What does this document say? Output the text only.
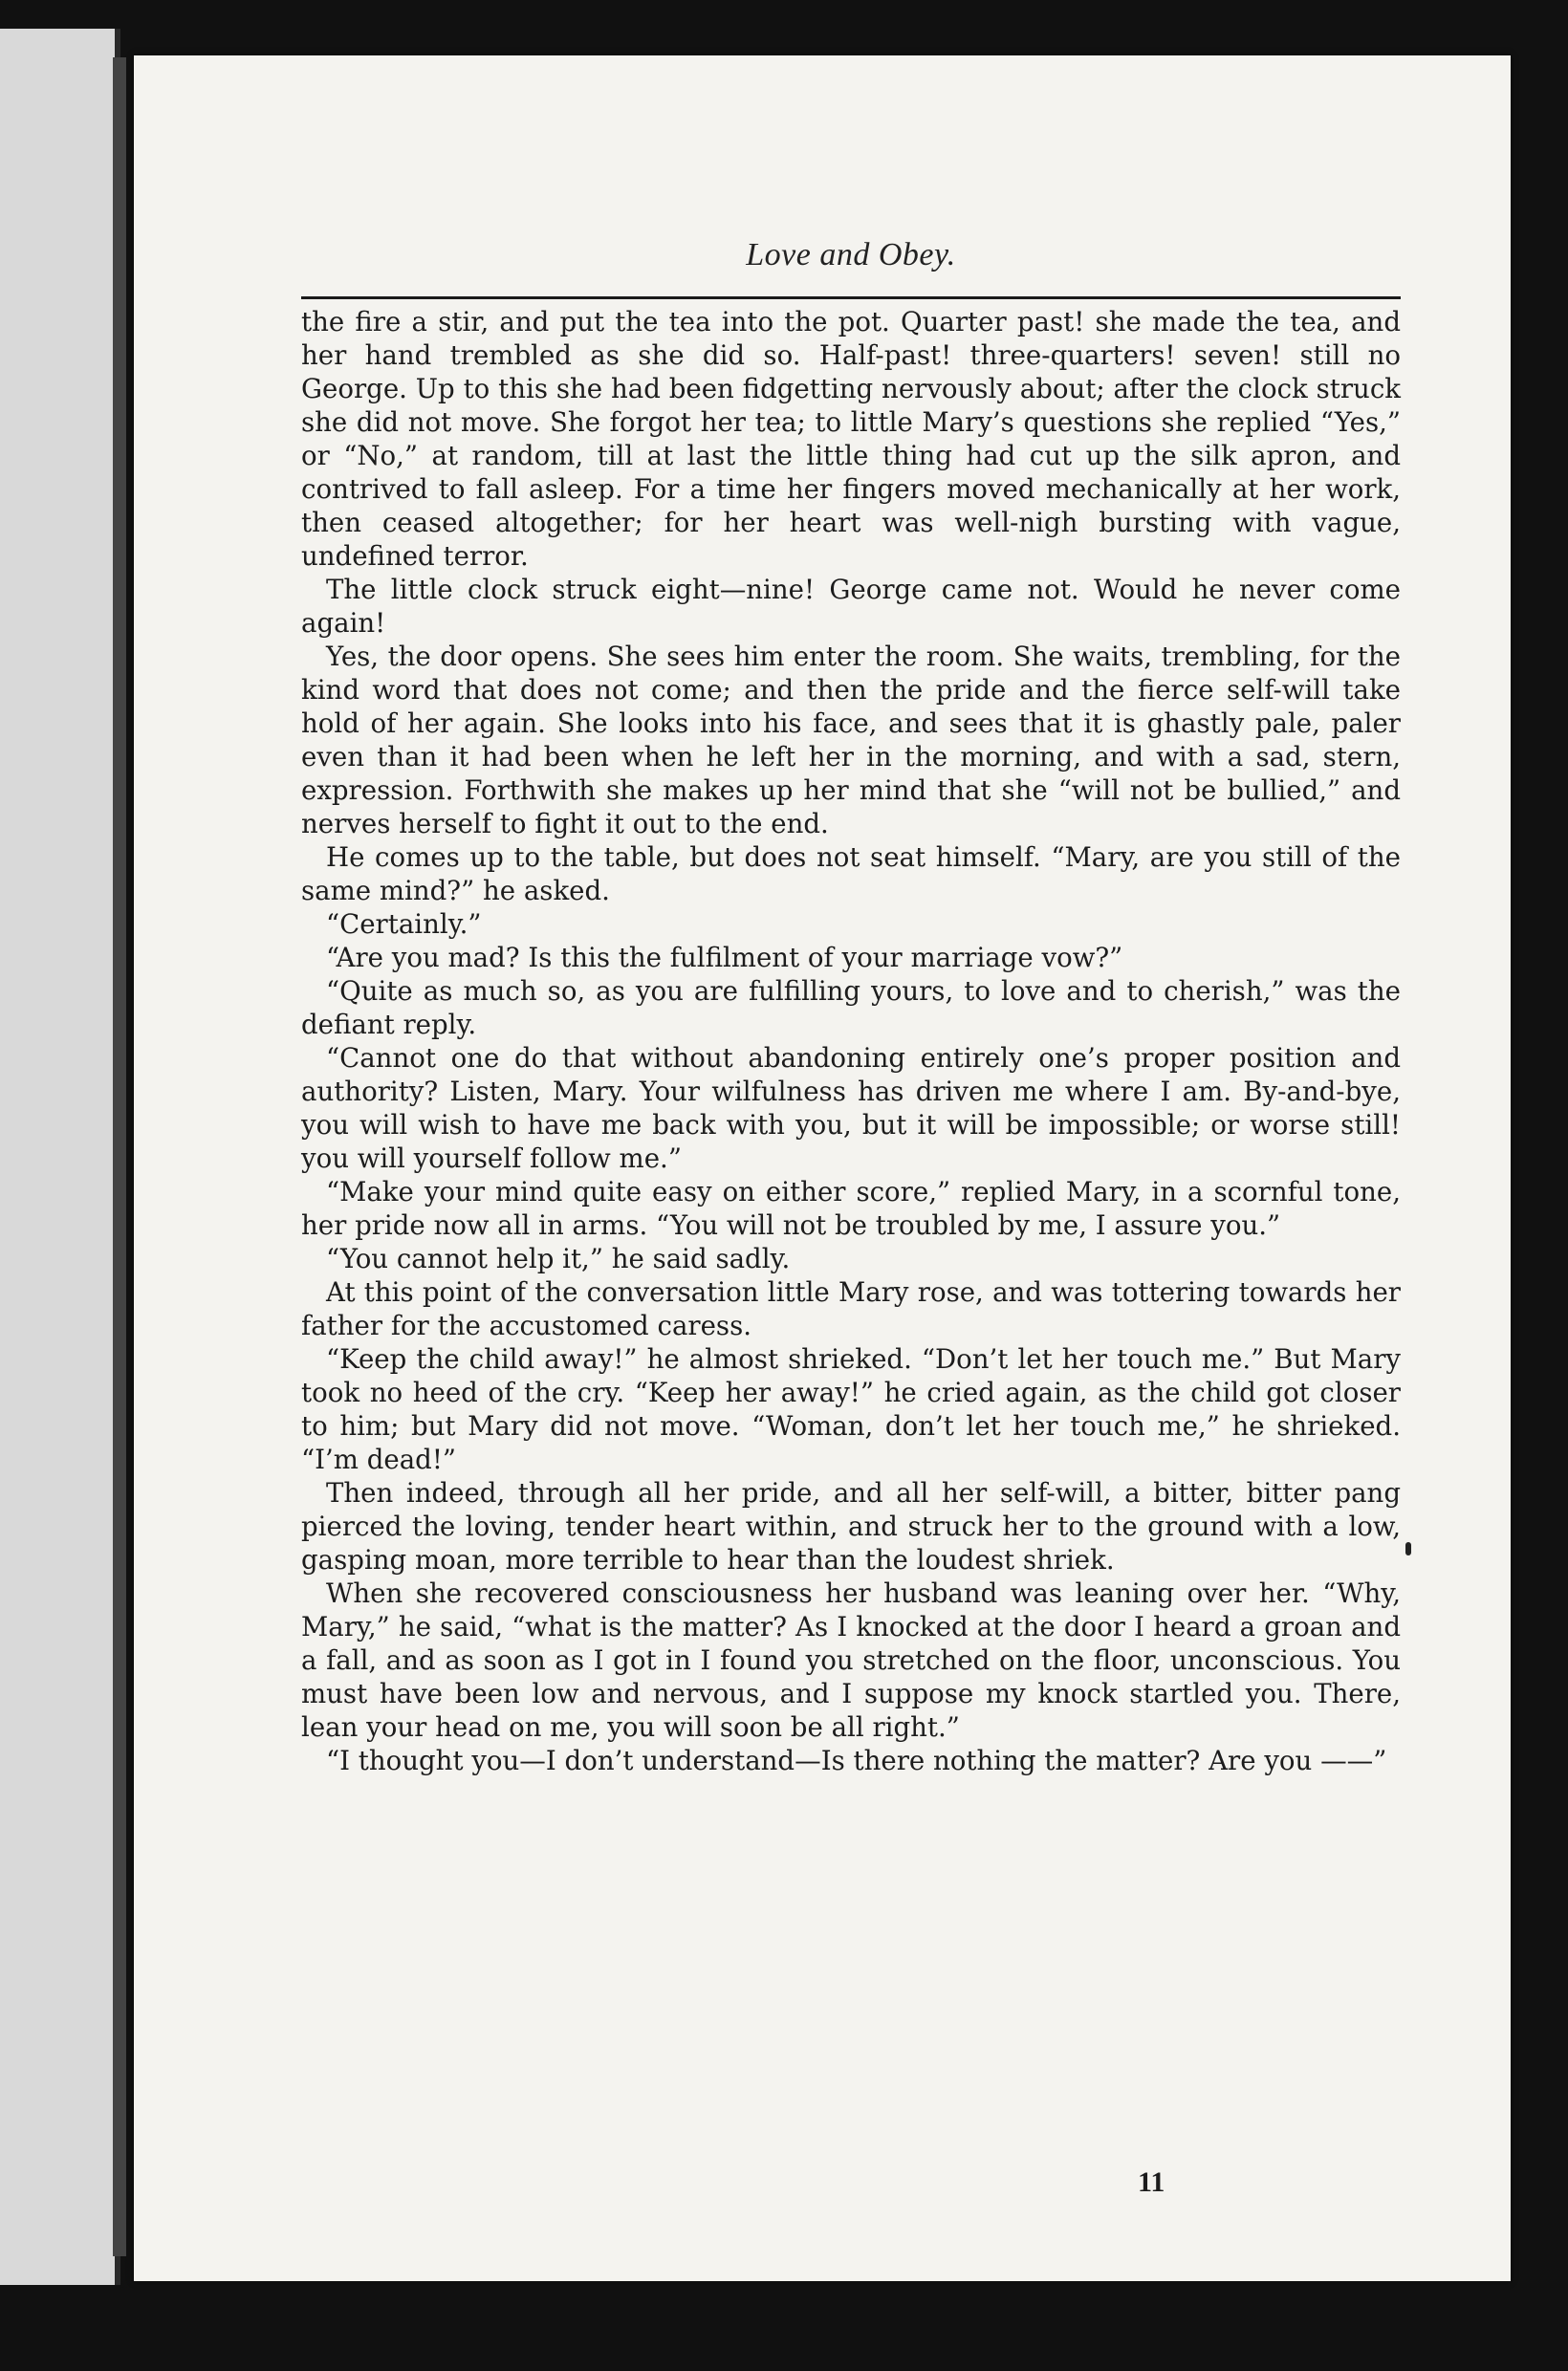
Love and Obey.

the fire a stir, and put the tea into the pot. Quarter past! she made the tea, and her hand trembled as she did so. Half-past! three-quarters! seven! still no George. Up to this she had been fidgetting nervously about; after the clock struck she did not move. She forgot her tea; to little Mary’s questions she replied “Yes,” or “No,” at random, till at last the little thing had cut up the silk apron, and contrived to fall asleep. For a time her fingers moved mechanically at her work, then ceased altogether; for her heart was well-nigh bursting with vague, undefined terror.

The little clock struck eight—nine! George came not. Would he never come again!

Yes, the door opens. She sees him enter the room. She waits, trembling, for the kind word that does not come; and then the pride and the fierce self-will take hold of her again. She looks into his face, and sees that it is ghastly pale, paler even than it had been when he left her in the morning, and with a sad, stern, expression. Forthwith she makes up her mind that she “will not be bullied,” and nerves herself to fight it out to the end.

He comes up to the table, but does not seat himself. “Mary, are you still of the same mind?” he asked.

“Certainly.”

“Are you mad? Is this the fulfilment of your marriage vow?”

“Quite as much so, as you are fulfilling yours, to love and to cherish,” was the defiant reply.

“Cannot one do that without abandoning entirely one’s proper position and authority? Listen, Mary. Your wilfulness has driven me where I am. By-and-bye, you will wish to have me back with you, but it will be impossible; or worse still! you will yourself follow me.”

“Make your mind quite easy on either score,” replied Mary, in a scornful tone, her pride now all in arms. “You will not be troubled by me, I assure you.”

“You cannot help it,” he said sadly.

At this point of the conversation little Mary rose, and was tottering towards her father for the accustomed caress.

“Keep the child away!” he almost shrieked. “Don’t let her touch me.” But Mary took no heed of the cry. “Keep her away!” he cried again, as the child got closer to him; but Mary did not move. “Woman, don’t let her touch me,” he shrieked. “I’m dead!”

Then indeed, through all her pride, and all her self-will, a bitter, bitter pang pierced the loving, tender heart within, and struck her to the ground with a low, gasping moan, more terrible to hear than the loudest shriek.

When she recovered consciousness her husband was leaning over her. “Why, Mary,” he said, “what is the matter? As I knocked at the door I heard a groan and a fall, and as soon as I got in I found you stretched on the floor, unconscious. You must have been low and nervous, and I suppose my knock startled you. There, lean your head on me, you will soon be all right.”

“I thought you—I don’t understand—Is there nothing the matter? Are you ——”

11
